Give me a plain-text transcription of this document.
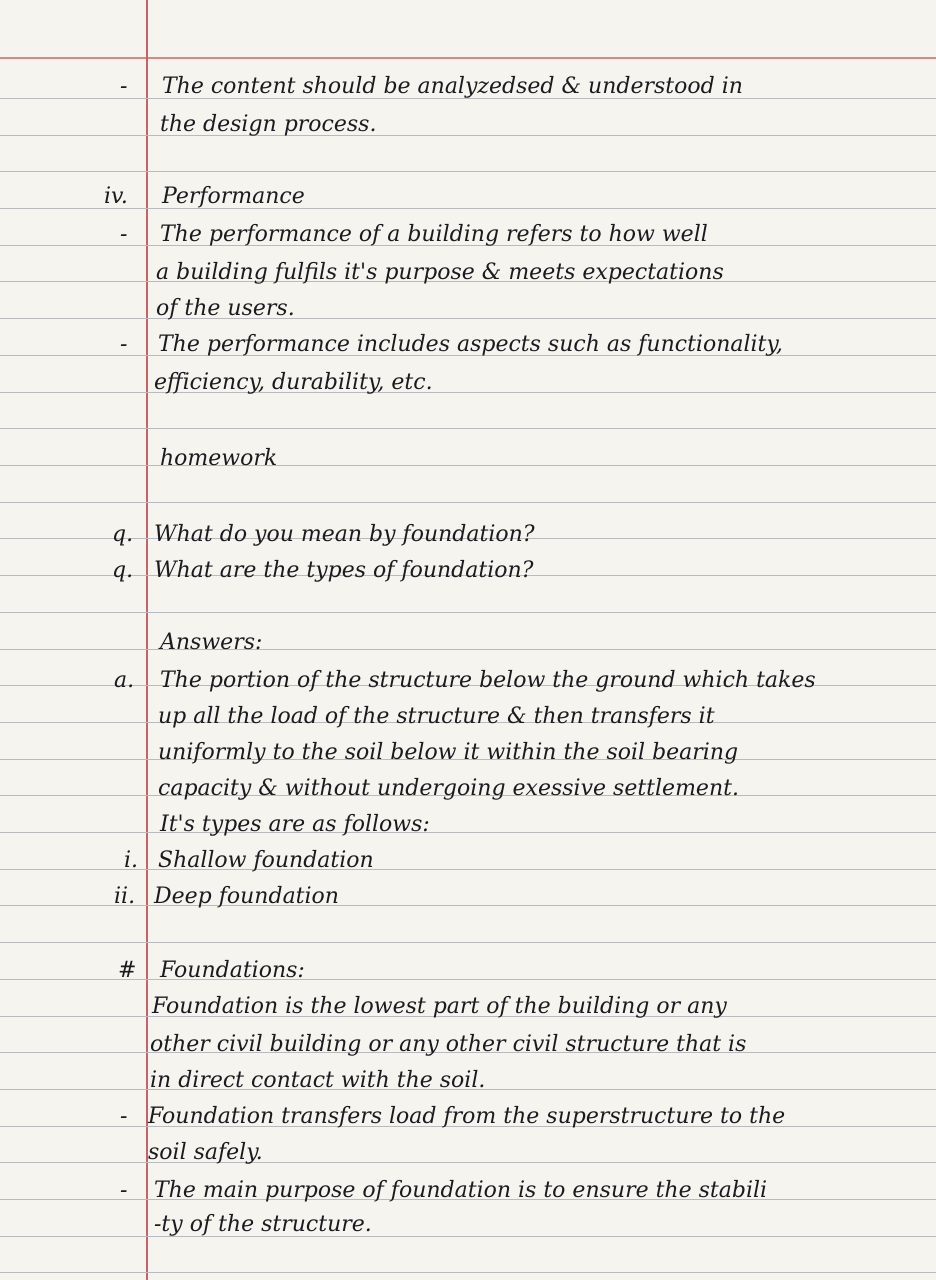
- The content should be analyzedsed & understood in
the design process.
iv. Performance
- The performance of a building refers to how well
a building fulfils it's purpose & meets expectations
of the users.
- The performance includes aspects such as functionality,
efficiency, durability, etc.
homework
q. What do you mean by foundation?
q. What are the types of foundation?
Answers:
a. The portion of the structure below the ground which takes
up all the load of the structure & then transfers it
uniformly to the soil below it within the soil bearing
capacity & without undergoing exessive settlement.
It's types are as follows:
i. Shallow foundation
ii. Deep foundation
# Foundations:
Foundation is the lowest part of the building or any
other civil building or any other civil structure that is
in direct contact with the soil.
- Foundation transfers load from the superstructure to the
soil safely.
- The main purpose of foundation is to ensure the stabili
-ty of the structure.
